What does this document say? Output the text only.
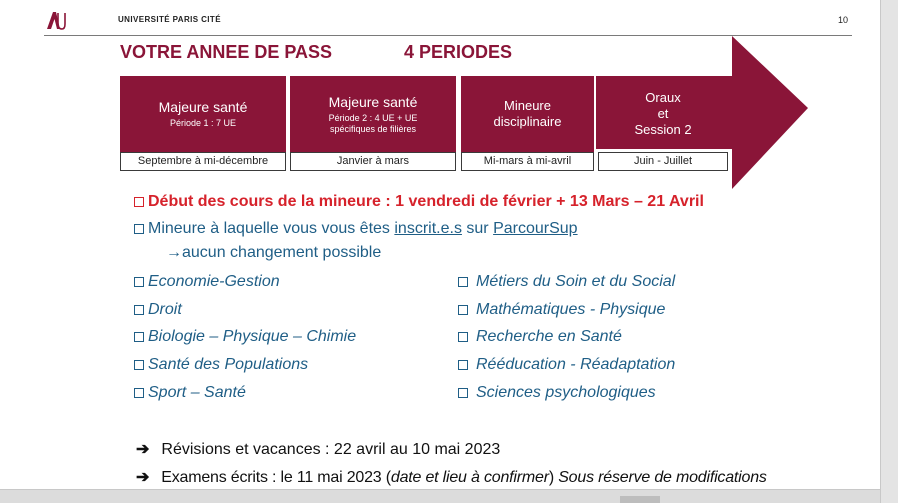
UNIVERSITÉ PARIS CITÉ	10
VOTRE ANNEE DE PASS	4 PERIODES
Majeure santé
Période 1 : 7 UE
Septembre à mi-décembre
Majeure santé
Période 2 : 4 UE + UE
spécifiques de filières
Janvier à mars
Mineure
disciplinaire
Mi-mars à mi-avril
Oraux
et
Session 2
Juin - Juillet
Début des cours de la mineure : 1 vendredi de février + 13 Mars – 21 Avril
Mineure à laquelle vous vous êtes inscrit.e.s sur ParcourSup
→aucun changement possible
Economie-Gestion
Droit
Biologie – Physique – Chimie
Santé des Populations
Sport – Santé
Métiers du Soin et du Social
Mathématiques - Physique
Recherche en Santé
Rééducation - Réadaptation
Sciences psychologiques
➔ Révisions et vacances : 22 avril au 10 mai 2023
➔ Examens écrits : le 11 mai 2023 (date et lieu à confirmer) Sous réserve de modifications
